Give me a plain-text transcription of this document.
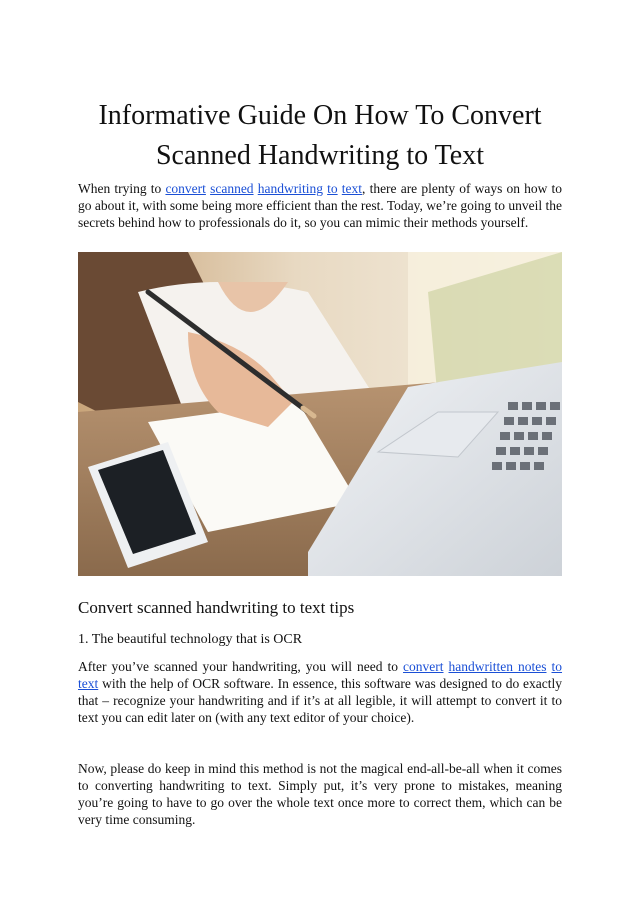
Informative Guide On How To Convert Scanned Handwriting to Text

When trying to convert scanned handwriting to text, there are plenty of ways on how to go about it, with some being more efficient than the rest. Today, we’re going to unveil the secrets behind how to professionals do it, so you can mimic their methods yourself.

Convert scanned handwriting to text tips
1. The beautiful technology that is OCR

After you’ve scanned your handwriting, you will need to convert handwritten notes to text with the help of OCR software. In essence, this software was designed to do exactly that – recognize your handwriting and if it’s at all legible, it will attempt to convert it to text you can edit later on (with any text editor of your choice).

Now, please do keep in mind this method is not the magical end-all-be-all when it comes to converting handwriting to text. Simply put, it’s very prone to mistakes, meaning you’re going to have to go over the whole text once more to correct them, which can be very time consuming.
